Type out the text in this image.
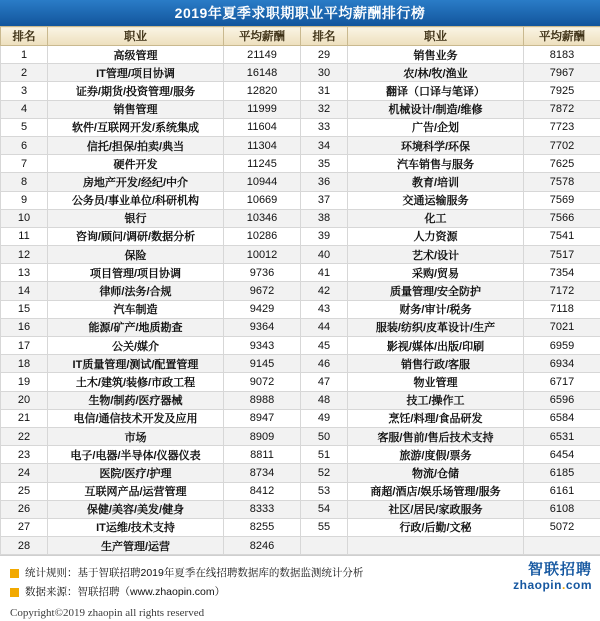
2019年夏季求职期职业平均薪酬排行榜
排名	职业	平均薪酬	排名	职业	平均薪酬
1	高级管理	21149	29	销售业务	8183
2	IT管理/项目协调	16148	30	农/林/牧/渔业	7967
3	证券/期货/投资管理/服务	12820	31	翻译（口译与笔译）	7925
4	销售管理	11999	32	机械设计/制造/维修	7872
5	软件/互联网开发/系统集成	11604	33	广告/企划	7723
6	信托/担保/拍卖/典当	11304	34	环境科学/环保	7702
7	硬件开发	11245	35	汽车销售与服务	7625
8	房地产开发/经纪/中介	10944	36	教育/培训	7578
9	公务员/事业单位/科研机构	10669	37	交通运输服务	7569
10	银行	10346	38	化工	7566
11	咨询/顾问/调研/数据分析	10286	39	人力资源	7541
12	保险	10012	40	艺术/设计	7517
13	项目管理/项目协调	9736	41	采购/贸易	7354
14	律师/法务/合规	9672	42	质量管理/安全防护	7172
15	汽车制造	9429	43	财务/审计/税务	7118
16	能源/矿产/地质勘查	9364	44	服装/纺织/皮革设计/生产	7021
17	公关/媒介	9343	45	影视/媒体/出版/印刷	6959
18	IT质量管理/测试/配置管理	9145	46	销售行政/客服	6934
19	土木/建筑/装修/市政工程	9072	47	物业管理	6717
20	生物/制药/医疗器械	8988	48	技工/操作工	6596
21	电信/通信技术开发及应用	8947	49	烹饪/料理/食品研发	6584
22	市场	8909	50	客服/售前/售后技术支持	6531
23	电子/电器/半导体/仪器仪表	8811	51	旅游/度假/票务	6454
24	医院/医疗/护理	8734	52	物流/仓储	6185
25	互联网产品/运营管理	8412	53	商超/酒店/娱乐场管理/服务	6161
26	保健/美容/美发/健身	8333	54	社区/居民/家政服务	6108
27	IT运维/技术支持	8255	55	行政/后勤/文秘	5072
28	生产管理/运营	8246			
统计规则：基于智联招聘2019年夏季在线招聘数据库的数据监测统计分析
数据来源：智联招聘（www.zhaopin.com）
智联招聘
zhaopin.com
Copyright©2019 zhaopin all rights reserved
